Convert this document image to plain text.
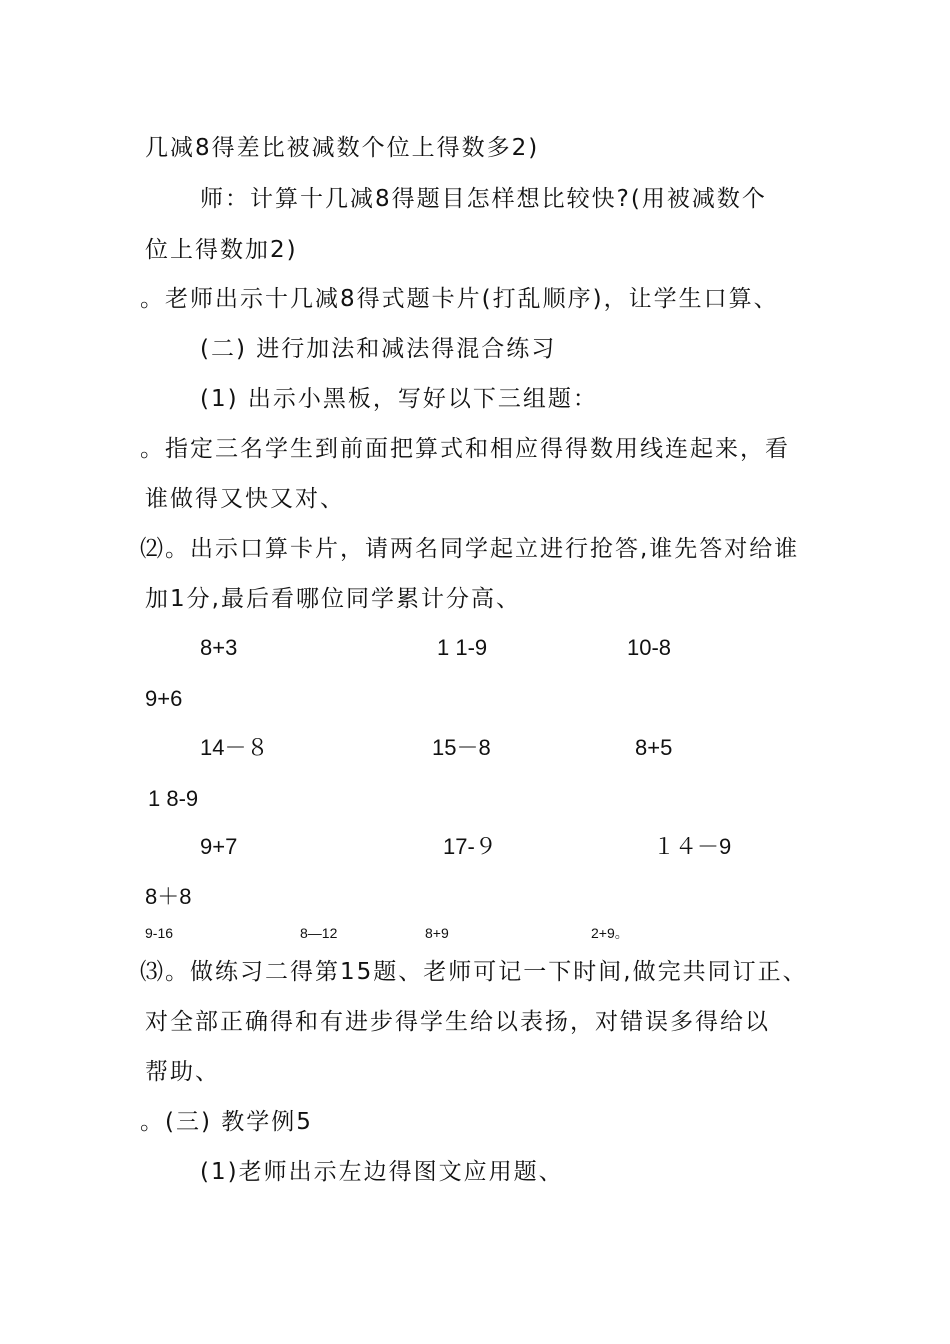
几减8得差比被减数个位上得数多2)
师：计算十几减8得题目怎样想比较快?(用被减数个
位上得数加2)
。老师出示十几减8得式题卡片(打乱顺序)，让学生口算、
(二) 进行加法和减法得混合练习
(1) 出示小黑板，写好以下三组题：
。指定三名学生到前面把算式和相应得得数用线连起来，看
谁做得又快又对、
⑵。出示口算卡片，请两名同学起立进行抢答,谁先答对给谁
加1分,最后看哪位同学累计分高、
8+3	1 1-9	10-8
9+6
14－８	15－8	8+5
1 8-9
9+7	17-９	１４－9
8＋8
9-16	8—12	8+9	2+9。
⑶。做练习二得第15题、老师可记一下时间,做完共同订正、
对全部正确得和有进步得学生给以表扬，对错误多得给以
帮助、
。(三) 教学例5
(1)老师出示左边得图文应用题、
